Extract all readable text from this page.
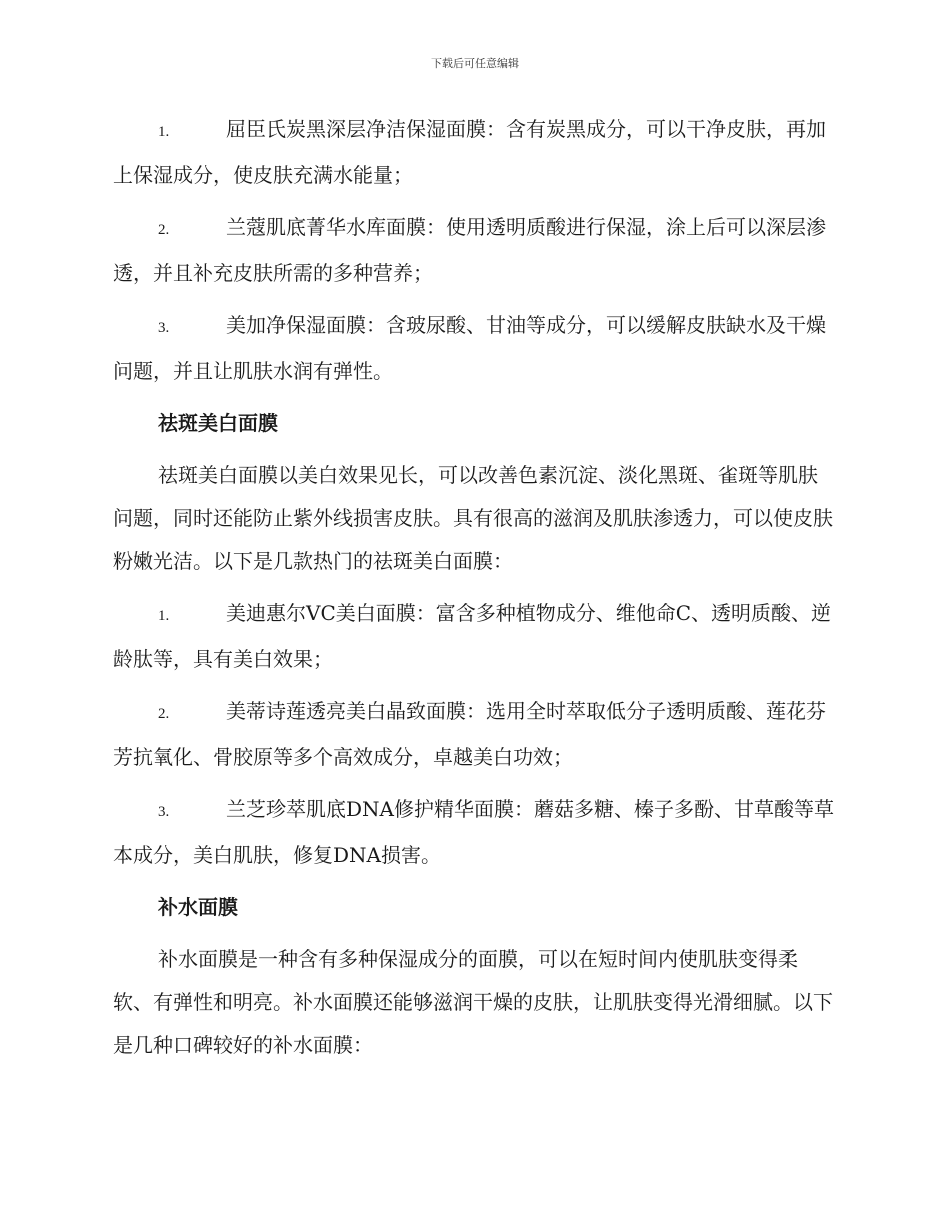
下载后可任意编辑
1.	屈臣氏炭黑深层净洁保湿面膜：含有炭黑成分，可以干净皮肤，再加上保湿成分，使皮肤充满水能量；
2.	兰蔻肌底菁华水库面膜：使用透明质酸进行保湿，涂上后可以深层渗透，并且补充皮肤所需的多种营养；
3.	美加净保湿面膜：含玻尿酸、甘油等成分，可以缓解皮肤缺水及干燥问题，并且让肌肤水润有弹性。
祛斑美白面膜
祛斑美白面膜以美白效果见长，可以改善色素沉淀、淡化黑斑、雀斑等肌肤问题，同时还能防止紫外线损害皮肤。具有很高的滋润及肌肤渗透力，可以使皮肤粉嫩光洁。以下是几款热门的祛斑美白面膜：
1.	美迪惠尔VC美白面膜：富含多种植物成分、维他命C、透明质酸、逆龄肽等，具有美白效果；
2.	美蒂诗莲透亮美白晶致面膜：选用全时萃取低分子透明质酸、莲花芬芳抗氧化、骨胶原等多个高效成分，卓越美白功效；
3.	兰芝珍萃肌底DNA修护精华面膜：蘑菇多糖、榛子多酚、甘草酸等草本成分，美白肌肤，修复DNA损害。
补水面膜
补水面膜是一种含有多种保湿成分的面膜，可以在短时间内使肌肤变得柔软、有弹性和明亮。补水面膜还能够滋润干燥的皮肤，让肌肤变得光滑细腻。以下是几种口碑较好的补水面膜：
